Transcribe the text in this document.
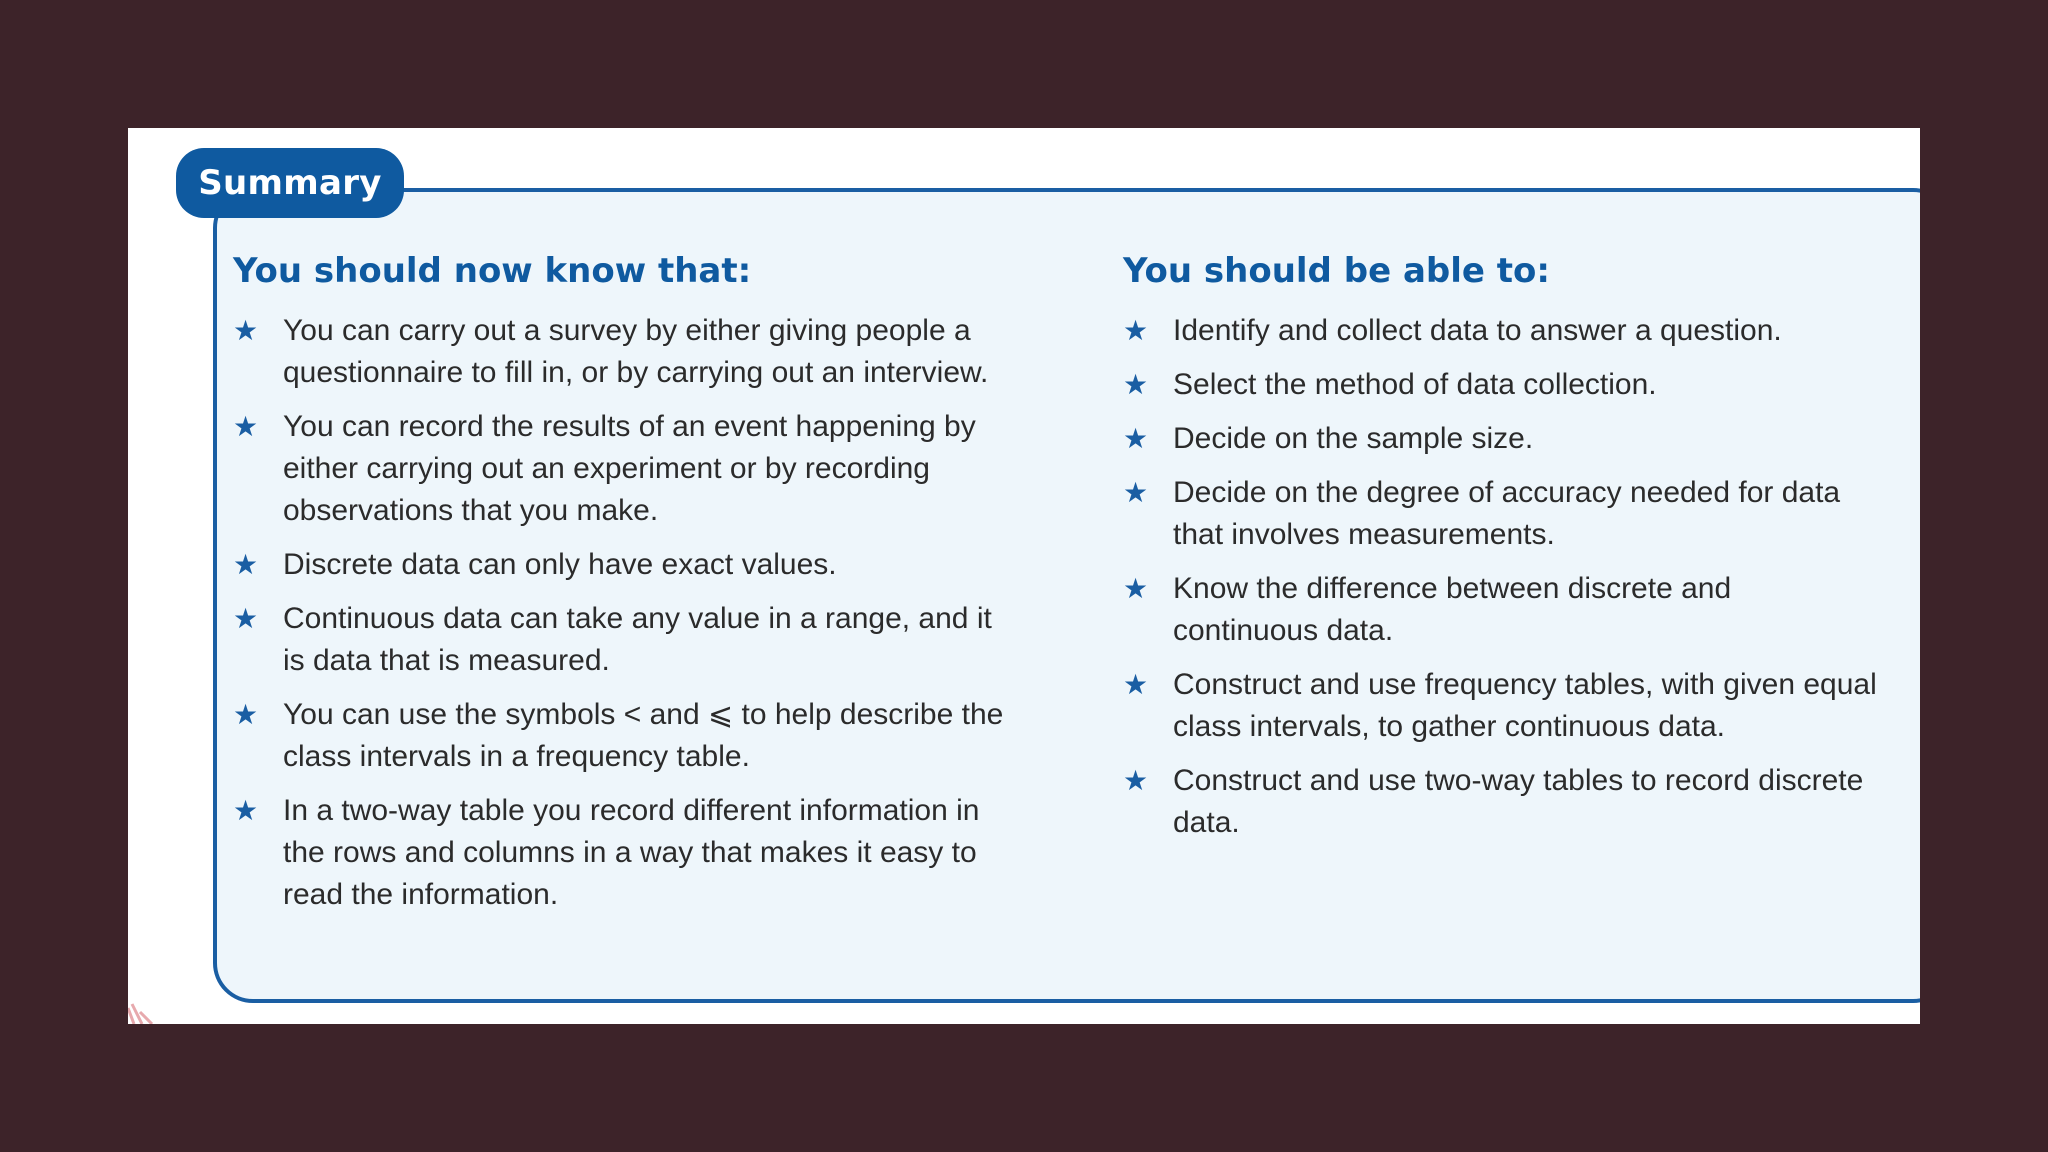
Summary
You should now know that:
★ You can carry out a survey by either giving people a questionnaire to fill in, or by carrying out an interview.
★ You can record the results of an event happening by either carrying out an experiment or by recording observations that you make.
★ Discrete data can only have exact values.
★ Continuous data can take any value in a range, and it is data that is measured.
★ You can use the symbols < and ⩽ to help describe the class intervals in a frequency table.
★ In a two-way table you record different information in the rows and columns in a way that makes it easy to read the information.
You should be able to:
★ Identify and collect data to answer a question.
★ Select the method of data collection.
★ Decide on the sample size.
★ Decide on the degree of accuracy needed for data that involves measurements.
★ Know the difference between discrete and continuous data.
★ Construct and use frequency tables, with given equal class intervals, to gather continuous data.
★ Construct and use two-way tables to record discrete data.
